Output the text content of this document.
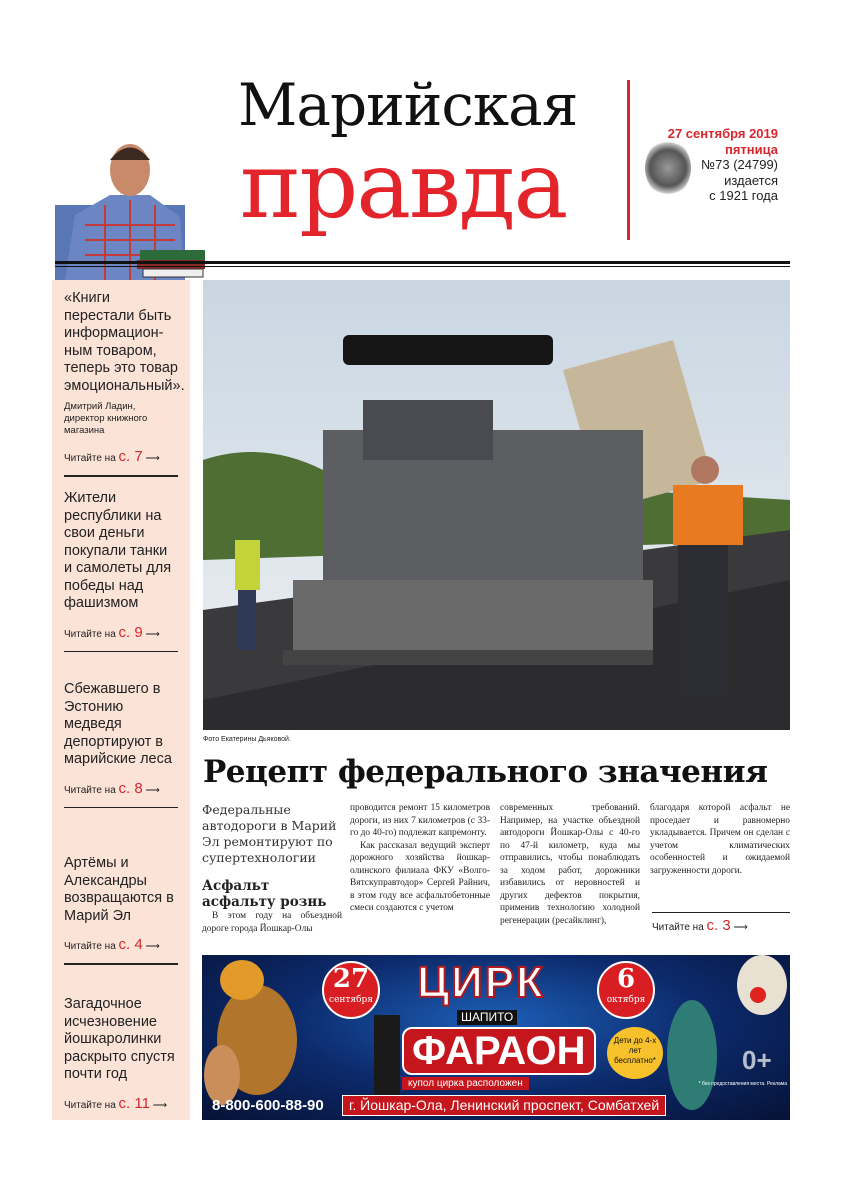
Марийская
правда	27 сентября 2019
пятница
№73 (24799)
издается
с 1921 года
«Книги перестали быть информацион-ным товаром, теперь это товар эмоциональный».
Дмитрий Ладин, директор книжного магазина
Читайте на с. 7 ⟶
Жители республики на свои деньги покупали танки и самолеты для победы над фашизмом
Читайте на с. 9 ⟶
Сбежавшего в Эстонию медведя депортируют в марийские леса
Читайте на с. 8 ⟶
Артёмы и Александры возвращаются в Марий Эл
Читайте на с. 4 ⟶
Загадочное исчезновение йошкаролинки раскрыто спустя почти год
Читайте на с. 11 ⟶
Фото Екатерины Дьяковой.
Рецепт федерального значения
Федеральные автодороги в Марий Эл ремонтируют по супертехнологии
Асфальт асфальту рознь
В этом году на объездной дороге города Йошкар-Олы
проводится ремонт 15 километров дороги, из них 7 километров (с 33-го до 40-го) подлежат капремонту.
Как рассказал ведущий эксперт дорожного хозяйства йошкар-олинского филиала ФКУ «Волго-Вятскуправтодор» Сергей Райнич, в этом году все асфальтобетонные смеси создаются с учетом
современных требований. Например, на участке объездной автодороги Йошкар-Олы с 40-го по 47-й километр, куда мы отправились, чтобы понаблюдать за ходом работ, дорожники избавились от неровностей и других дефектов покрытия, применив технологию холодной регенерации (ресайклинг),
благодаря которой асфальт не проседает и равномерно укладывается. Причем он сделан с учетом климатических особенностей и ожидаемой загруженности дороги.
Читайте на с. 3 ⟶
27
сентября
6
октября
ЦИРК
ШАПИТО
ФАРАОН
купол цирка расположен
8-800-600-88-90	г. Йошкар-Ола, Ленинский проспект, Сомбатхей
Дети до 4-х лет бесплатно*	0+
* без предоставления места. Реклама
